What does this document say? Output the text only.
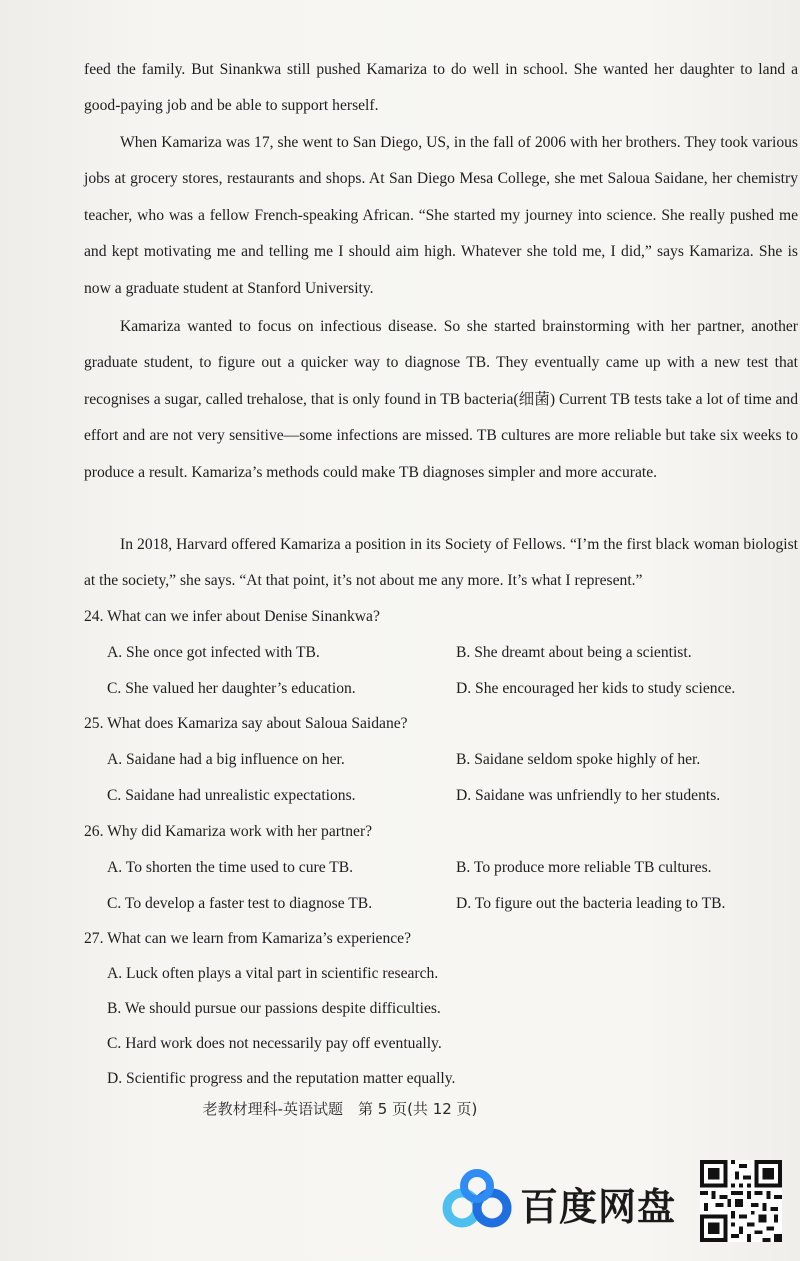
feed the family. But Sinankwa still pushed Kamariza to do well in school. She wanted her daughter to land a good-paying job and be able to support herself.

When Kamariza was 17, she went to San Diego, US, in the fall of 2006 with her brothers. They took various jobs at grocery stores, restaurants and shops. At San Diego Mesa College, she met Saloua Saidane, her chemistry teacher, who was a fellow French-speaking African. “She started my journey into science. She really pushed me and kept motivating me and telling me I should aim high. Whatever she told me, I did,” says Kamariza. She is now a graduate student at Stanford University.

Kamariza wanted to focus on infectious disease. So she started brainstorming with her partner, another graduate student, to figure out a quicker way to diagnose TB. They eventually came up with a new test that recognises a sugar, called trehalose, that is only found in TB bacteria(细菌) Current TB tests take a lot of time and effort and are not very sensitive—some infections are missed. TB cultures are more reliable but take six weeks to produce a result. Kamariza’s methods could make TB diagnoses simpler and more accurate.

In 2018, Harvard offered Kamariza a position in its Society of Fellows. “I’m the first black woman biologist at the society,” she says. “At that point, it’s not about me any more. It’s what I represent.”

24. What can we infer about Denise Sinankwa?

A. She once got infected with TB.	B. She dreamt about being a scientist.

C. She valued her daughter’s education.	D. She encouraged her kids to study science.

25. What does Kamariza say about Saloua Saidane?

A. Saidane had a big influence on her.	B. Saidane seldom spoke highly of her.

C. Saidane had unrealistic expectations.	D. Saidane was unfriendly to her students.

26. Why did Kamariza work with her partner?

A. To shorten the time used to cure TB.	B. To produce more reliable TB cultures.

C. To develop a faster test to diagnose TB.	D. To figure out the bacteria leading to TB.

27. What can we learn from Kamariza’s experience?

A. Luck often plays a vital part in scientific research.

B. We should pursue our passions despite difficulties.

C. Hard work does not necessarily pay off eventually.

D. Scientific progress and the reputation matter equally.

老教材理科-英语试题　第 5 页(共 12 页)
百度网盘
